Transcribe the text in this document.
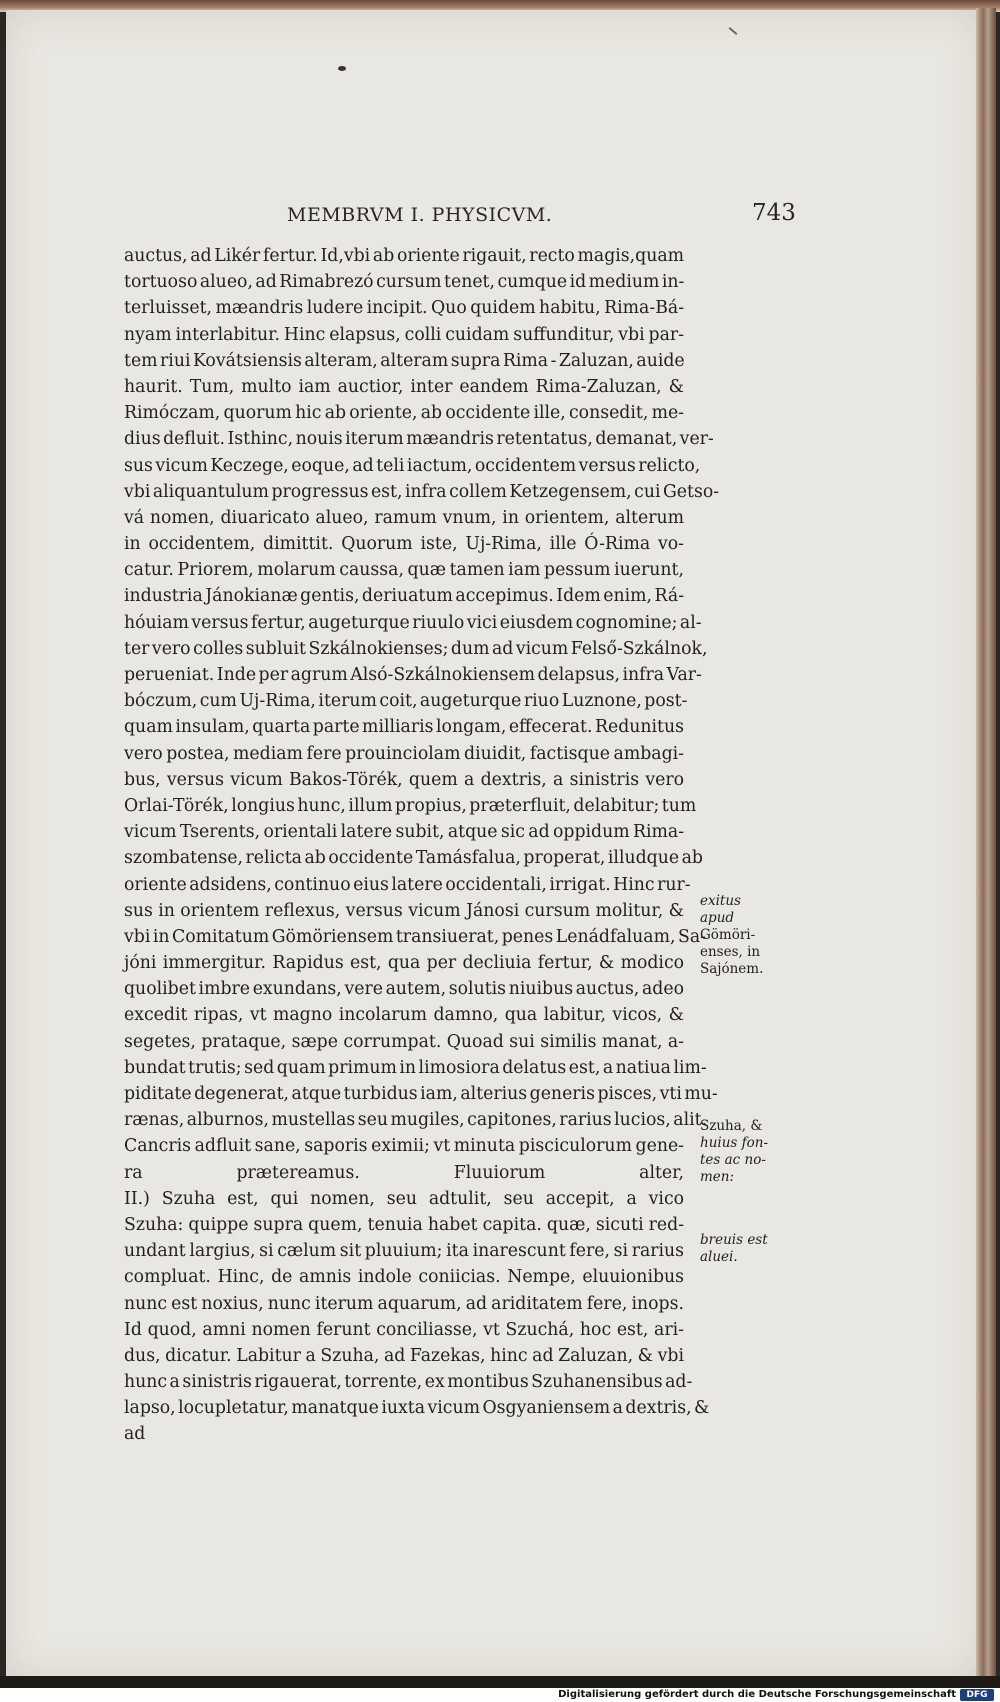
MEMBRVM I. PHYSICVM.	743
auctus, ad Likér fertur. Id,vbi ab oriente rigauit, recto magis,quam
tortuoso alueo, ad Rimabrezó cursum tenet, cumque id medium in-
terluisset, mæandris ludere incipit. Quo quidem habitu, Rima-Bá-
nyam interlabitur. Hinc elapsus, colli cuidam suffunditur, vbi par-
tem riui Kovátsiensis alteram, alteram supra Rima - Zaluzan, auide
haurit. Tum, multo iam auctior, inter eandem Rima-Zaluzan, &
Rimóczam, quorum hic ab oriente, ab occidente ille, consedit, me-
dius defluit. Isthinc, nouis iterum mæandris retentatus, demanat, ver-
sus vicum Keczege, eoque, ad teli iactum, occidentem versus relicto,
vbi aliquantulum progressus est, infra collem Ketzegensem, cui Getso-
vá nomen, diuaricato alueo, ramum vnum, in orientem, alterum
in occidentem, dimittit. Quorum iste, Uj-Rima, ille Ó-Rima vo-
catur. Priorem, molarum caussa, quæ tamen iam pessum iuerunt,
industria Jánokianæ gentis, deriuatum accepimus. Idem enim, Rá-
hóuiam versus fertur, augeturque riuulo vici eiusdem cognomine; al-
ter vero colles subluit Szkálnokienses; dum ad vicum Felső-Szkálnok,
perueniat. Inde per agrum Alsó-Szkálnokiensem delapsus, infra Var-
bóczum, cum Uj-Rima, iterum coit, augeturque riuo Luznone, post-
quam insulam, quarta parte milliaris longam, effecerat. Redunitus
vero postea, mediam fere prouinciolam diuidit, factisque ambagi-
bus, versus vicum Bakos-Törék, quem a dextris, a sinistris vero
Orlai-Törék, longius hunc, illum propius, præterfluit, delabitur; tum
vicum Tserents, orientali latere subit, atque sic ad oppidum Rima-
szombatense, relicta ab occidente Tamásfalua, properat, illudque ab
oriente adsidens, continuo eius latere occidentali, irrigat. Hinc rur-
sus in orientem reflexus, versus vicum Jánosi cursum molitur, &
vbi in Comitatum Gömöriensem transiuerat, penes Lenádfaluam, Sa-
jóni immergitur. Rapidus est, qua per decliuia fertur, & modico
quolibet imbre exundans, vere autem, solutis niuibus auctus, adeo
excedit ripas, vt magno incolarum damno, qua labitur, vicos, &
segetes, prataque, sæpe corrumpat. Quoad sui similis manat, a-
bundat trutis; sed quam primum in limosiora delatus est, a natiua lim-
piditate degenerat, atque turbidus iam, alterius generis pisces, vti mu-
rænas, alburnos, mustellas seu mugiles, capitones, rarius lucios, alit.
Cancris adfluit sane, saporis eximii; vt minuta pisciculorum gene-
ra prætereamus. Fluuiorum alter,
II.) Szuha est, qui nomen, seu adtulit, seu accepit, a vico
Szuha: quippe supra quem, tenuia habet capita. quæ, sicuti red-
undant largius, si cælum sit pluuium; ita inarescunt fere, si rarius
compluat. Hinc, de amnis indole coniicias. Nempe, eluuionibus
nunc est noxius, nunc iterum aquarum, ad ariditatem fere, inops.
Id quod, amni nomen ferunt conciliasse, vt Szuchá, hoc est, ari-
dus, dicatur. Labitur a Szuha, ad Fazekas, hinc ad Zaluzan, & vbi
hunc a sinistris rigauerat, torrente, ex montibus Szuhanensibus ad-
lapso, locupletatur, manatque iuxta vicum Osgyaniensem a dextris, &
ad
exitus apud
Gömöri-
enses, in
Sajónem.
Szuha, &
huius fon-
tes ac no-
men:
breuis est
aluei.
Digitalisierung gefördert durch die Deutsche Forschungsgemeinschaft	DFG
